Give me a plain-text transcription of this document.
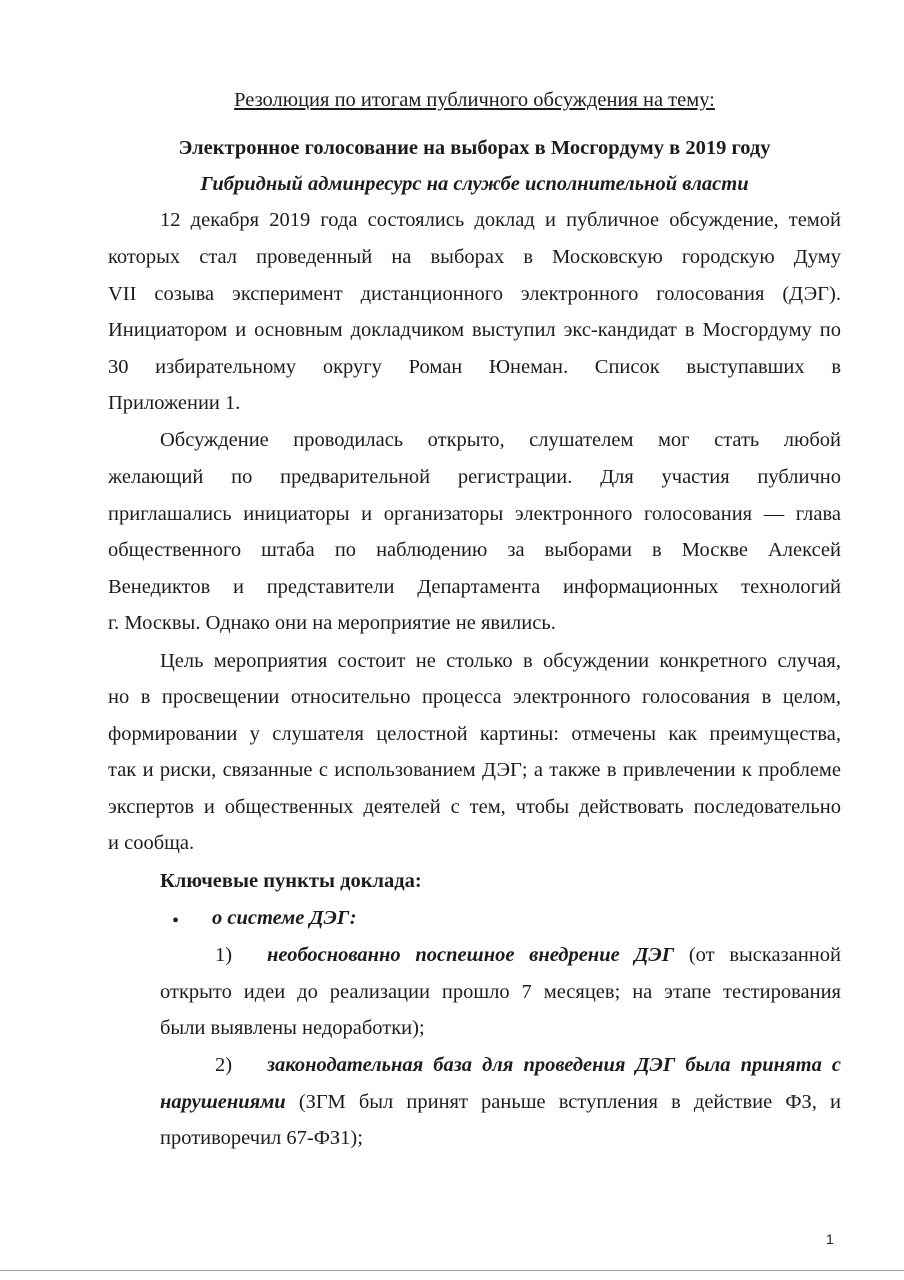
Резолюция по итогам публичного обсуждения на тему:
Электронное голосование на выборах в Мосгордуму в 2019 году
Гибридный админресурс на службе исполнительной власти
12 декабря 2019 года состоялись доклад и публичное обсуждение, темой
которых стал проведенный на выборах в Московскую городскую Думу
VII созыва эксперимент дистанционного электронного голосования (ДЭГ).
Инициатором и основным докладчиком выступил экс-кандидат в Мосгордуму по
30 избирательному округу Роман Юнеман. Список выступавших в
Приложении 1.
Обсуждение проводилась открыто, слушателем мог стать любой
желающий по предварительной регистрации. Для участия публично
приглашались инициаторы и организаторы электронного голосования — глава
общественного штаба по наблюдению за выборами в Москве Алексей
Венедиктов и представители Департамента информационных технологий
г. Москвы. Однако они на мероприятие не явились.
Цель мероприятия состоит не столько в обсуждении конкретного случая,
но в просвещении относительно процесса электронного голосования в целом,
формировании у слушателя целостной картины: отмечены как преимущества,
так и риски, связанные с использованием ДЭГ; а также в привлечении к проблеме
экспертов и общественных деятелей с тем, чтобы действовать последовательно
и сообща.
Ключевые пункты доклада:
• о системе ДЭГ:
1) необоснованно поспешное внедрение ДЭГ (от высказанной
открыто идеи до реализации прошло 7 месяцев; на этапе тестирования
были выявлены недоработки);
2) законодательная база для проведения ДЭГ была принята с
нарушениями (ЗГМ был принят раньше вступления в действие ФЗ, и
противоречил 67-ФЗ1);
1
